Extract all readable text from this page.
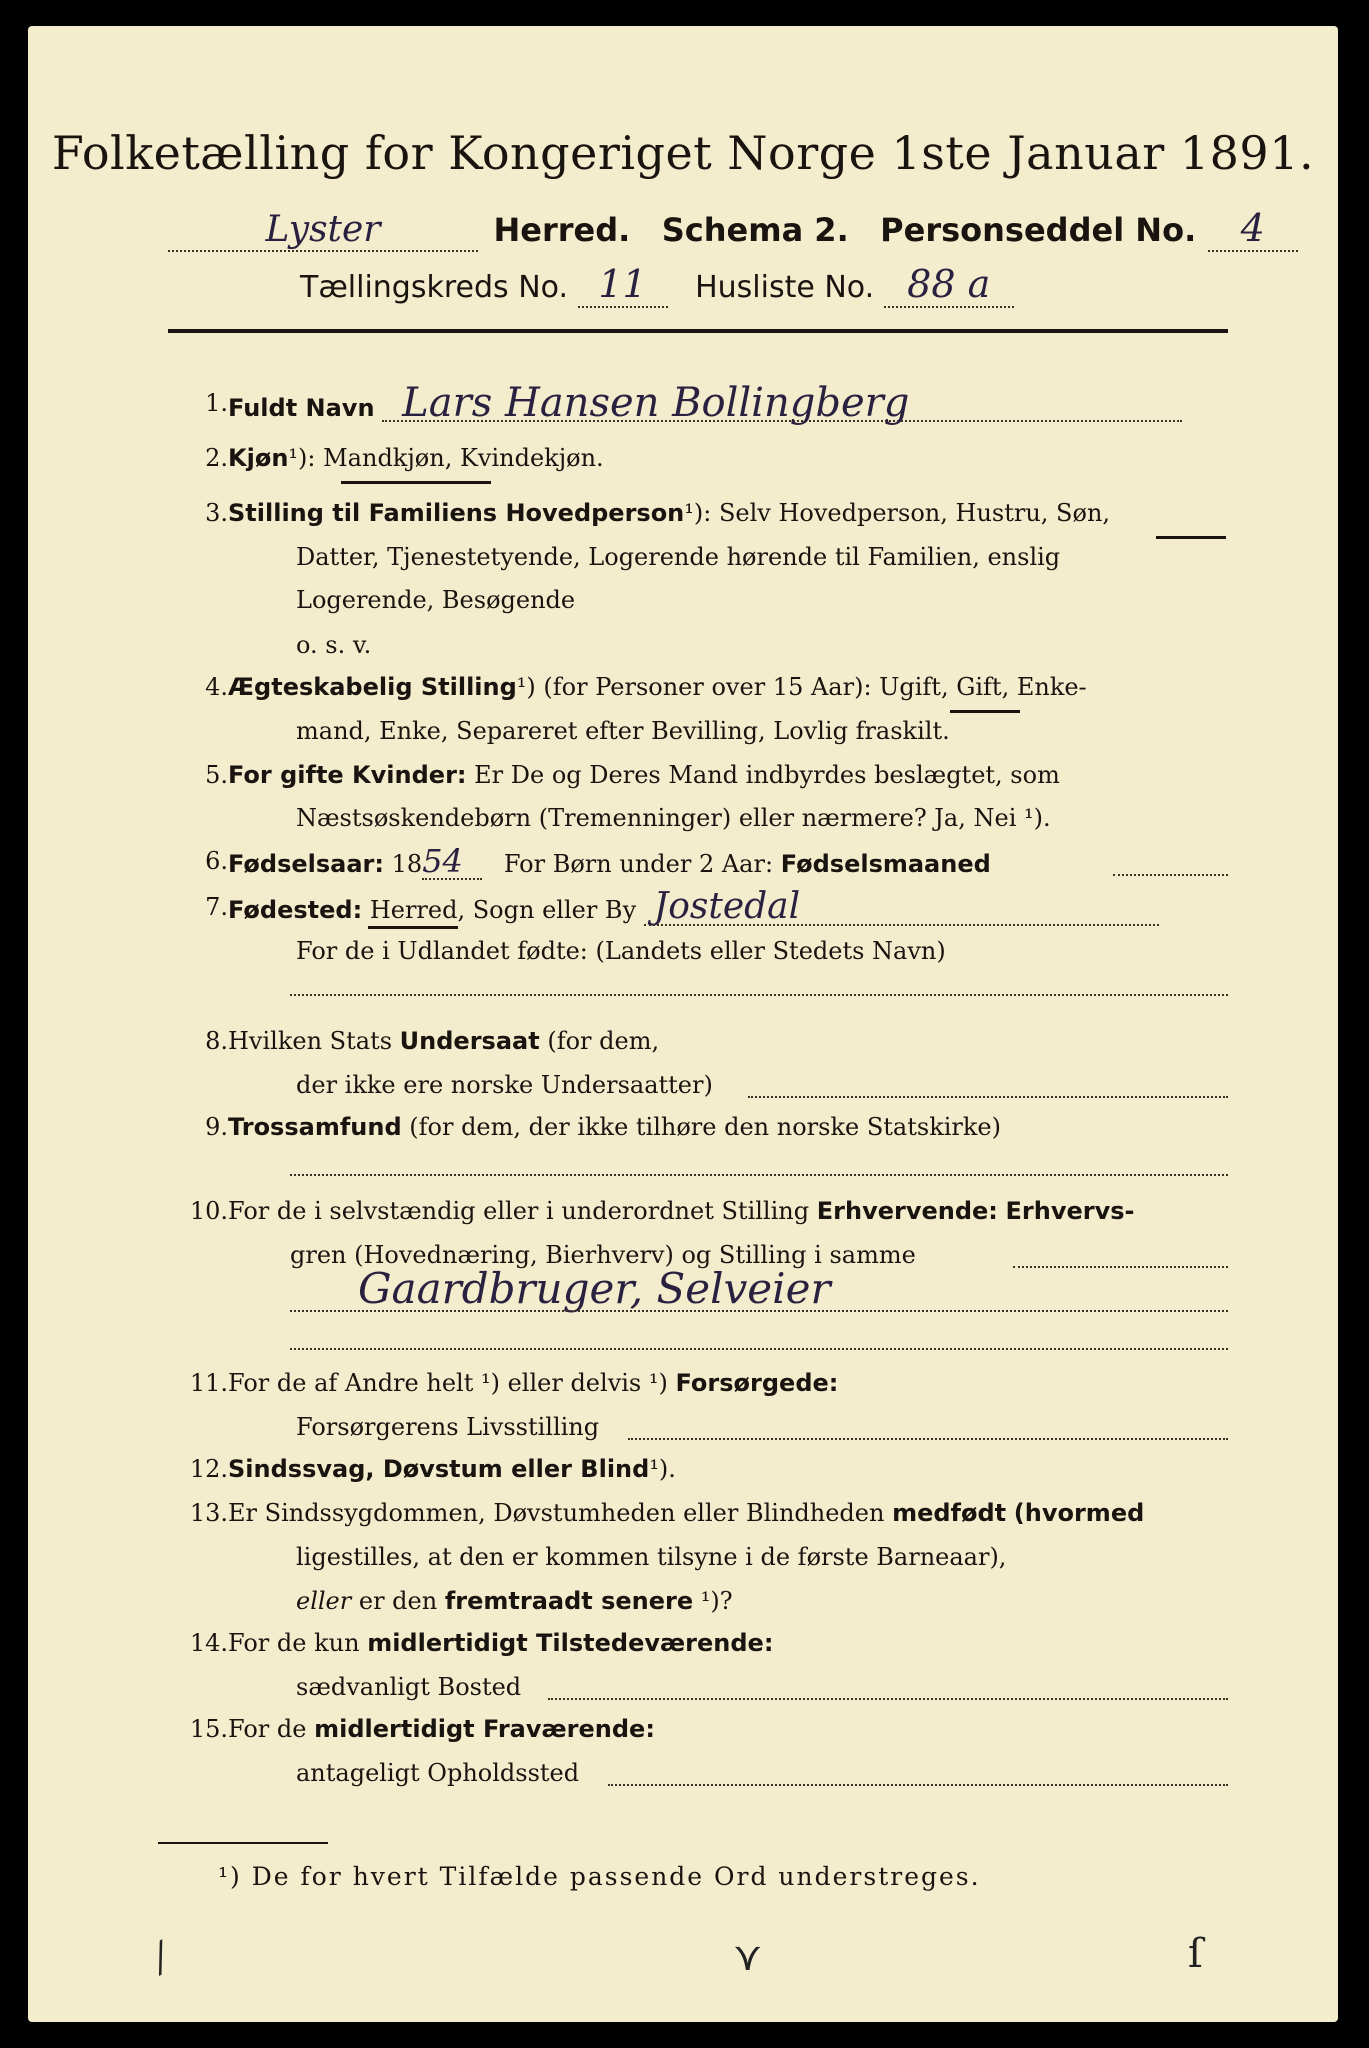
Folketælling for Kongeriget Norge 1ste Januar 1891.
Lyster	Herred. Schema 2. Personseddel No. 4
Tællingskreds No. 11 Husliste No. 88 a
1. Fuldt Navn Lars Hansen Bollingberg
2. Kjøn¹): Mandkjøn, Kvindekjøn.
3. Stilling til Familiens Hovedperson¹): Selv Hovedperson, Hustru, Søn,
Datter, Tjenestetyende, Logerende hørende til Familien, enslig
Logerende, Besøgende
o. s. v.
4. Ægteskabelig Stilling¹) (for Personer over 15 Aar): Ugift, Gift, Enke-
mand, Enke, Separeret efter Bevilling, Lovlig fraskilt.
5. For gifte Kvinder: Er De og Deres Mand indbyrdes beslægtet, som
Næstsøskendebørn (Tremenninger) eller nærmere? Ja, Nei ¹).
6. Fødselsaar: 1854 For Børn under 2 Aar: Fødselsmaaned
7. Fødested: Herred, Sogn eller By Jostedal
For de i Udlandet fødte: (Landets eller Stedets Navn)
8. Hvilken Stats Undersaat (for dem,
der ikke ere norske Undersaatter)
9. Trossamfund (for dem, der ikke tilhøre den norske Statskirke)
10. For de i selvstændig eller i underordnet Stilling Erhvervende: Erhvervs-
gren (Hovednæring, Bierhverv) og Stilling i samme
Gaardbruger, Selveier
11. For de af Andre helt ¹) eller delvis ¹) Forsørgede:
Forsørgerens Livsstilling
12. Sindssvag, Døvstum eller Blind¹).
13. Er Sindssygdommen, Døvstumheden eller Blindheden medfødt (hvormed
ligestilles, at den er kommen tilsyne i de første Barneaar),
eller er den fremtraadt senere ¹)?
14. For de kun midlertidigt Tilstedeværende:
sædvanligt Bosted
15. For de midlertidigt Fraværende:
antageligt Opholdssted
¹) De for hvert Tilfælde passende Ord understreges.
⁄	⋎	ſ
